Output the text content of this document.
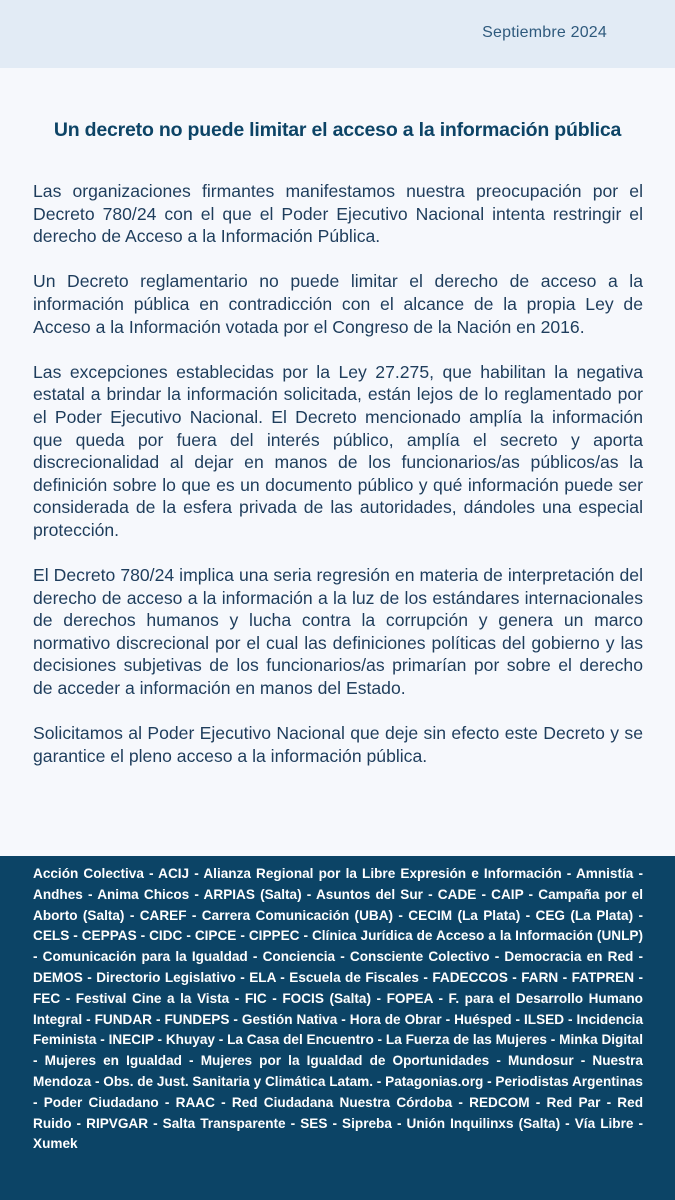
Septiembre 2024
Un decreto no puede limitar el acceso a la información pública

Las organizaciones firmantes manifestamos nuestra preocupación por el Decreto 780/24 con el que el Poder Ejecutivo Nacional intenta restringir el derecho de Acceso a la Información Pública.

Un Decreto reglamentario no puede limitar el derecho de acceso a la información pública en contradicción con el alcance de la propia Ley de Acceso a la Información votada por el Congreso de la Nación en 2016.

Las excepciones establecidas por la Ley 27.275, que habilitan la negativa estatal a brindar la información solicitada, están lejos de lo reglamentado por el Poder Ejecutivo Nacional. El Decreto mencionado amplía la información que queda por fuera del interés público, amplía el secreto y aporta discrecionalidad al dejar en manos de los funcionarios/as públicos/as la definición sobre lo que es un documento público y qué información puede ser considerada de la esfera privada de las autoridades, dándoles una especial protección.

El Decreto 780/24 implica una seria regresión en materia de interpretación del derecho de acceso a la información a la luz de los estándares internacionales de derechos humanos y lucha contra la corrupción y genera un marco normativo discrecional por el cual las definiciones políticas del gobierno y las decisiones subjetivas de los funcionarios/as primarían por sobre el derecho de acceder a información en manos del Estado.

Solicitamos al Poder Ejecutivo Nacional que deje sin efecto este Decreto y se garantice el pleno acceso a la información pública.

Acción Colectiva - ACIJ - Alianza Regional por la Libre Expresión e Información - Amnistía - Andhes - Anima Chicos - ARPIAS (Salta) - Asuntos del Sur - CADE - CAIP - Campaña por el Aborto (Salta) - CAREF - Carrera Comunicación (UBA) - CECIM (La Plata) - CEG (La Plata) - CELS - CEPPAS - CIDC - CIPCE - CIPPEC - Clínica Jurídica de Acceso a la Información (UNLP) - Comunicación para la Igualdad - Conciencia - Consciente Colectivo - Democracia en Red - DEMOS - Directorio Legislativo - ELA - Escuela de Fiscales - FADECCOS - FARN - FATPREN - FEC - Festival Cine a la Vista - FIC - FOCIS (Salta) - FOPEA - F. para el Desarrollo Humano Integral - FUNDAR - FUNDEPS - Gestión Nativa - Hora de Obrar - Huésped - ILSED - Incidencia Feminista - INECIP - Khuyay - La Casa del Encuentro - La Fuerza de las Mujeres - Minka Digital - Mujeres en Igualdad - Mujeres por la Igualdad de Oportunidades - Mundosur - Nuestra Mendoza - Obs. de Just. Sanitaria y Climática Latam. - Patagonias.org - Periodistas Argentinas - Poder Ciudadano - RAAC - Red Ciudadana Nuestra Córdoba - REDCOM - Red Par - Red Ruido - RIPVGAR - Salta Transparente - SES - Sipreba - Unión Inquilinxs (Salta) - Vía Libre - Xumek
